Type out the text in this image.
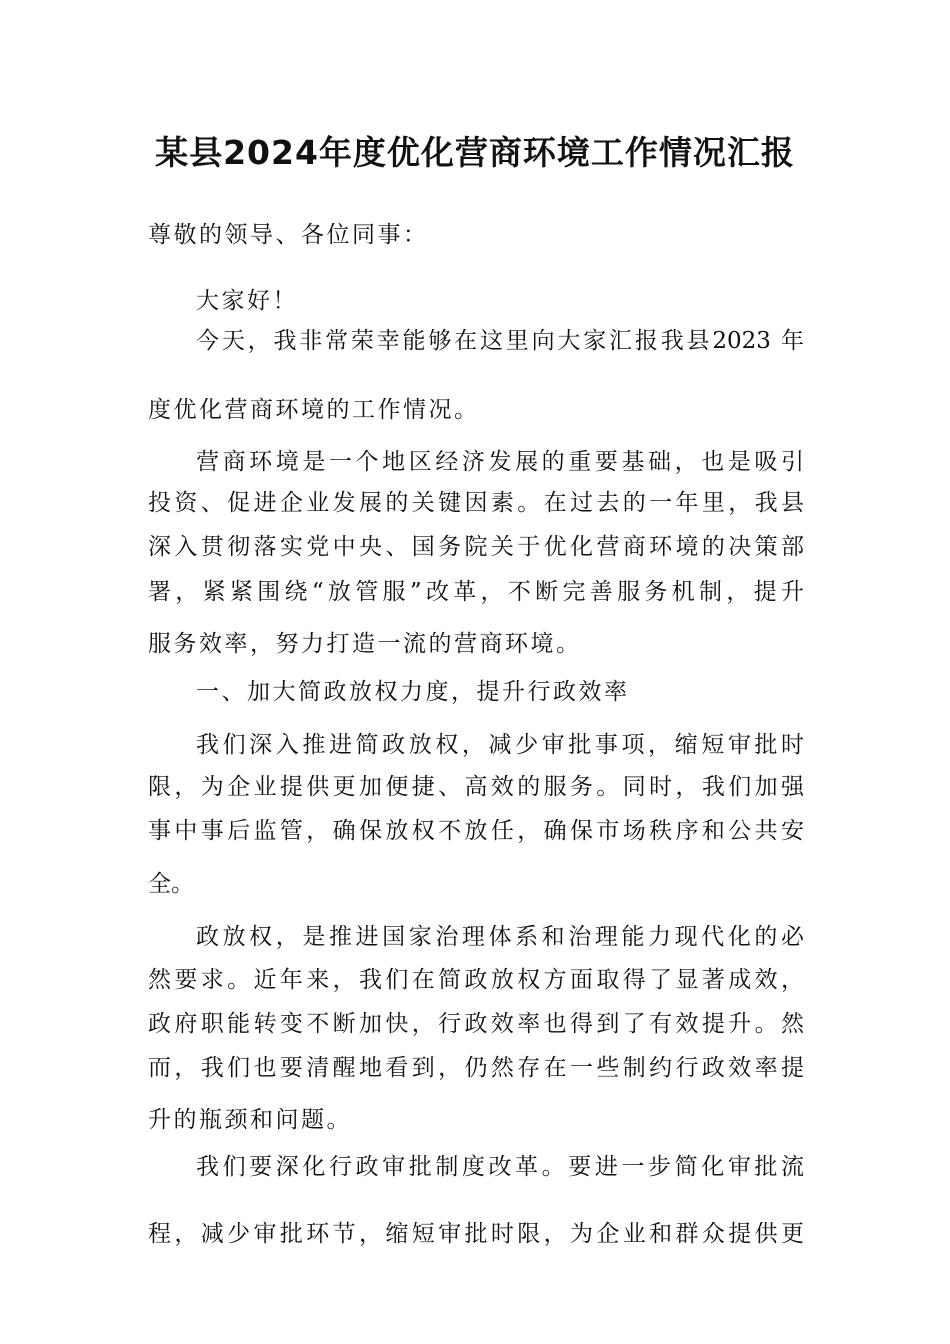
某县2024年度优化营商环境工作情况汇报

尊敬的领导、各位同事：

大家好！

今天，我非常荣幸能够在这里向大家汇报我县2023 年

度优化营商环境的工作情况。

营商环境是一个地区经济发展的重要基础，也是吸引

投资、促进企业发展的关键因素。在过去的一年里，我县

深入贯彻落实党中央、国务院关于优化营商环境的决策部

署，紧紧围绕“放管服”改革，不断完善服务机制，提升

服务效率，努力打造一流的营商环境。

一、加大简政放权力度，提升行政效率

我们深入推进简政放权，减少审批事项，缩短审批时

限，为企业提供更加便捷、高效的服务。同时，我们加强

事中事后监管，确保放权不放任，确保市场秩序和公共安

全。

政放权，是推进国家治理体系和治理能力现代化的必

然要求。近年来，我们在简政放权方面取得了显著成效，

政府职能转变不断加快，行政效率也得到了有效提升。然

而，我们也要清醒地看到，仍然存在一些制约行政效率提

升的瓶颈和问题。

我们要深化行政审批制度改革。要进一步简化审批流

程，减少审批环节，缩短审批时限，为企业和群众提供更
